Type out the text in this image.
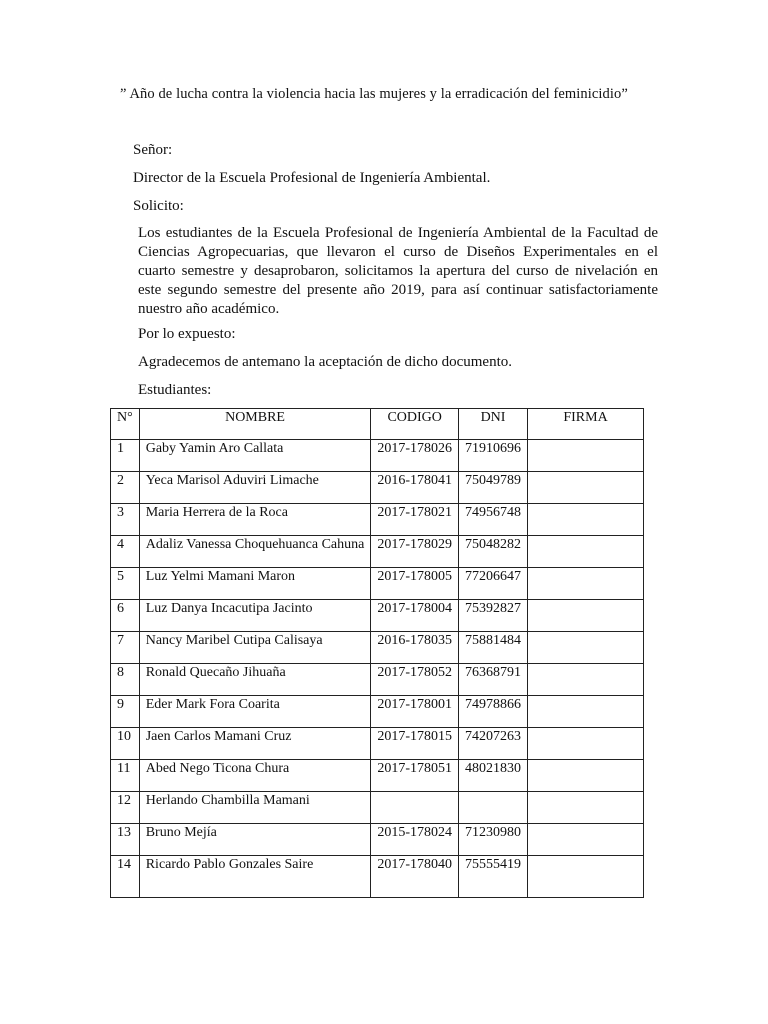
” Año de lucha contra la violencia hacia las mujeres y la erradicación del feminicidio”
Señor:
Director de la Escuela Profesional de Ingeniería Ambiental.
Solicito:
Los estudiantes de la Escuela Profesional de Ingeniería Ambiental de la Facultad de
Ciencias Agropecuarias, que llevaron el curso de Diseños Experimentales en el
cuarto semestre y desaprobaron, solicitamos la apertura del curso de nivelación en
este segundo semestre del presente año 2019, para así continuar satisfactoriamente
nuestro año académico.
Por lo expuesto:
Agradecemos de antemano la aceptación de dicho documento.
Estudiantes:
N°	NOMBRE	CODIGO	DNI	FIRMA
1	Gaby Yamin Aro Callata	2017-178026	71910696	
2	Yeca Marisol Aduviri Limache	2016-178041	75049789	
3	Maria Herrera de la Roca	2017-178021	74956748	
4	Adaliz Vanessa Choquehuanca Cahuna	2017-178029	75048282	
5	Luz Yelmi Mamani Maron	2017-178005	77206647	
6	Luz Danya Incacutipa Jacinto	2017-178004	75392827	
7	Nancy Maribel Cutipa Calisaya	2016-178035	75881484	
8	Ronald Quecaño Jihuaña	2017-178052	76368791	
9	Eder Mark Fora Coarita	2017-178001	74978866	
10	Jaen Carlos Mamani Cruz	2017-178015	74207263	
11	Abed Nego Ticona Chura	2017-178051	48021830	
12	Herlando Chambilla Mamani			
13	Bruno Mejía	2015-178024	71230980	
14	Ricardo Pablo Gonzales Saire	2017-178040	75555419	
